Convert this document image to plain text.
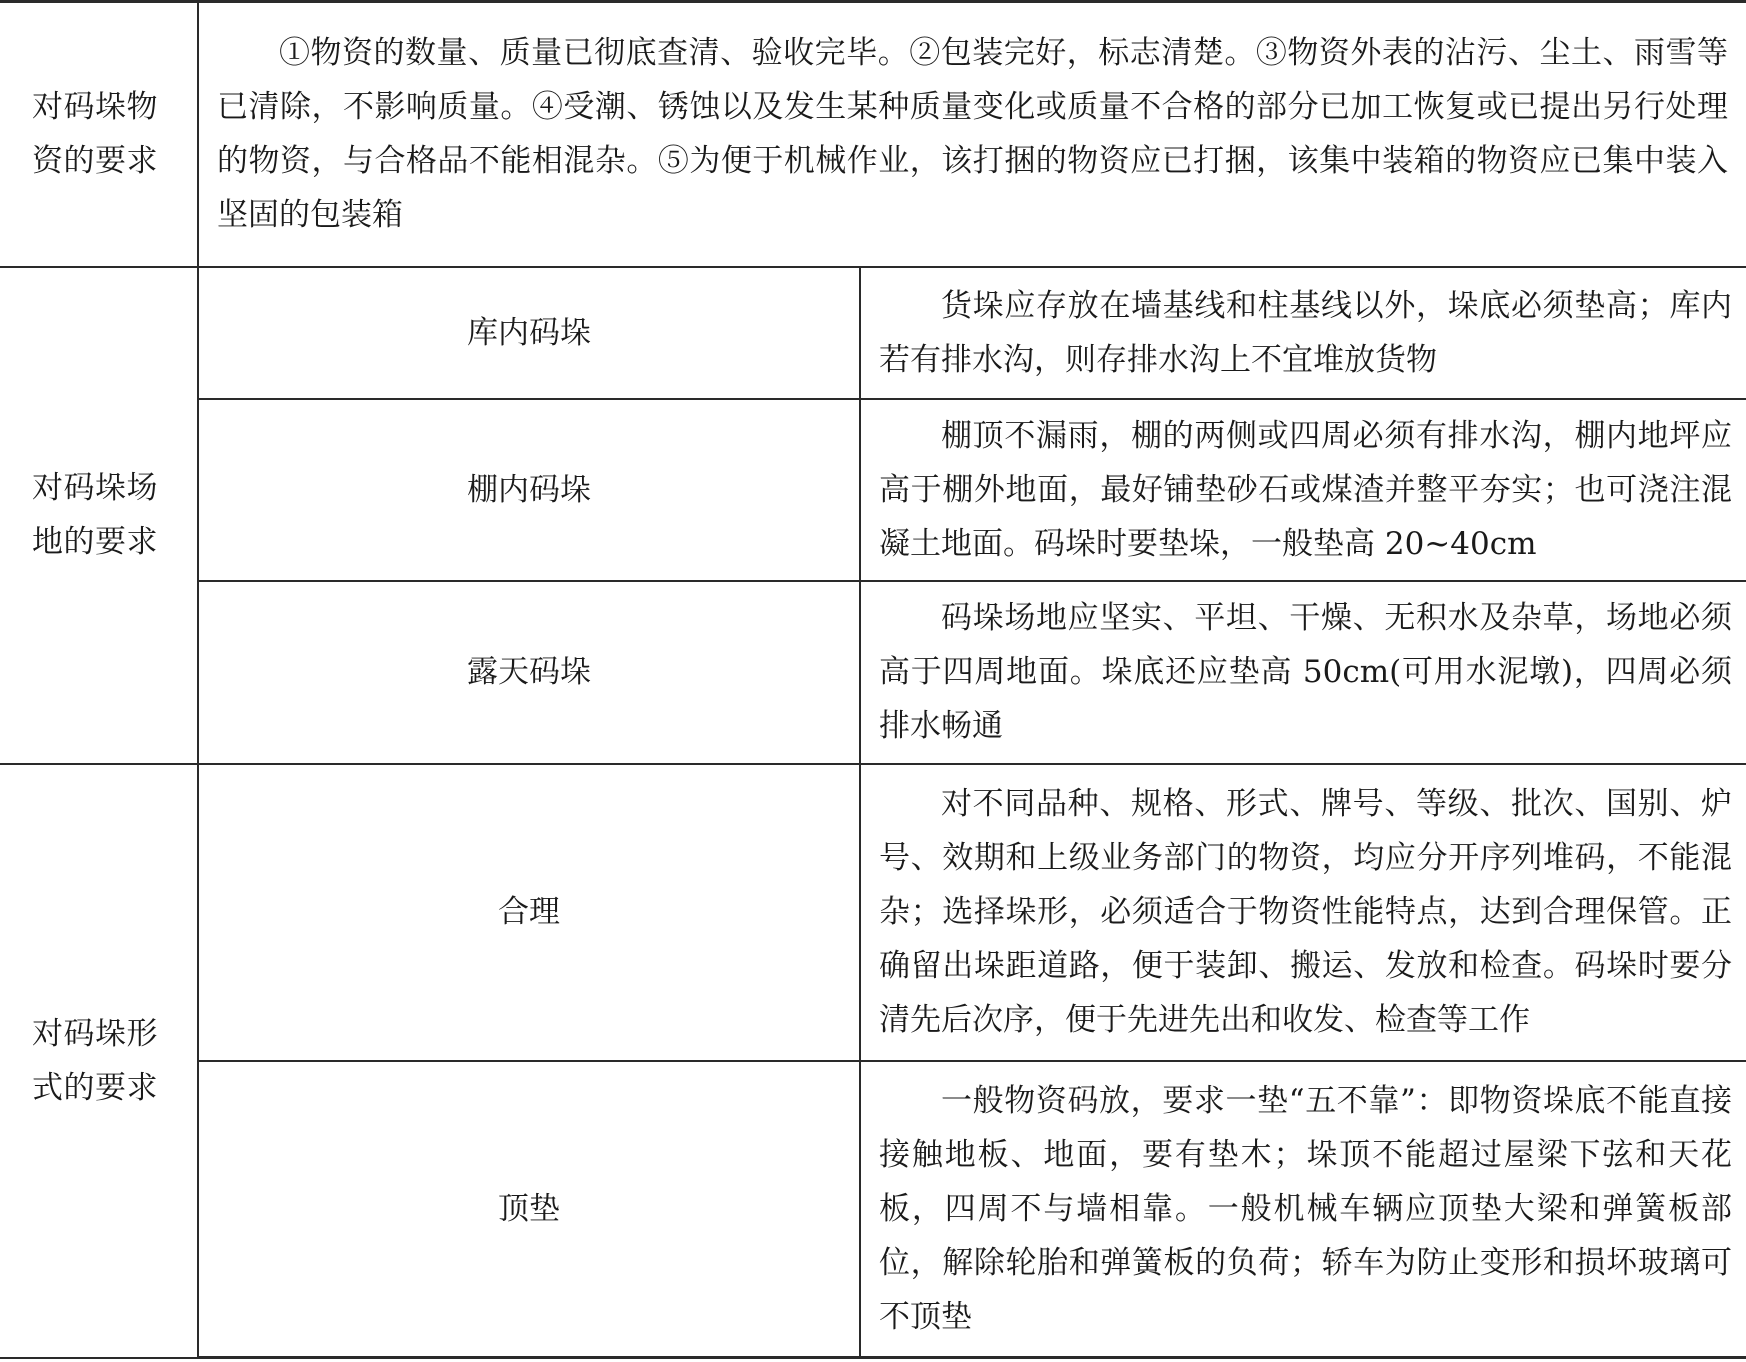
对码垛物资的要求	①物资的数量、质量已彻底查清、验收完毕。②包装完好，标志清楚。③物资外表的沾污、尘土、雨雪等已清除，不影响质量。④受潮、锈蚀以及发生某种质量变化或质量不合格的部分已加工恢复或已提出另行处理的物资，与合格品不能相混杂。⑤为便于机械作业，该打捆的物资应已打捆，该集中装箱的物资应已集中装入坚固的包装箱	

对码垛场地的要求	库内码垛	货垛应存放在墙基线和柱基线以外，垛底必须垫高；库内若有排水沟，则存排水沟上不宜堆放货物

	棚内码垛	棚顶不漏雨，棚的两侧或四周必须有排水沟，棚内地坪应高于棚外地面，最好铺垫砂石或煤渣并整平夯实；也可浇注混凝土地面。码垛时要垫垛，一般垫高 20~40cm

	露天码垛	码垛场地应坚实、平坦、干燥、无积水及杂草，场地必须高于四周地面。垛底还应垫高 50cm(可用水泥墩)，四周必须排水畅通

对码垛形式的要求	合理	对不同品种、规格、形式、牌号、等级、批次、国别、炉号、效期和上级业务部门的物资，均应分开序列堆码，不能混杂；选择垛形，必须适合于物资性能特点，达到合理保管。正确留出垛距道路，便于装卸、搬运、发放和检查。码垛时要分清先后次序，便于先进先出和收发、检查等工作

	顶垫	一般物资码放，要求一垫“五不靠”：即物资垛底不能直接接触地板、地面，要有垫木；垛顶不能超过屋梁下弦和天花板，四周不与墙相靠。一般机械车辆应顶垫大梁和弹簧板部位，解除轮胎和弹簧板的负荷；轿车为防止变形和损坏玻璃可不顶垫
